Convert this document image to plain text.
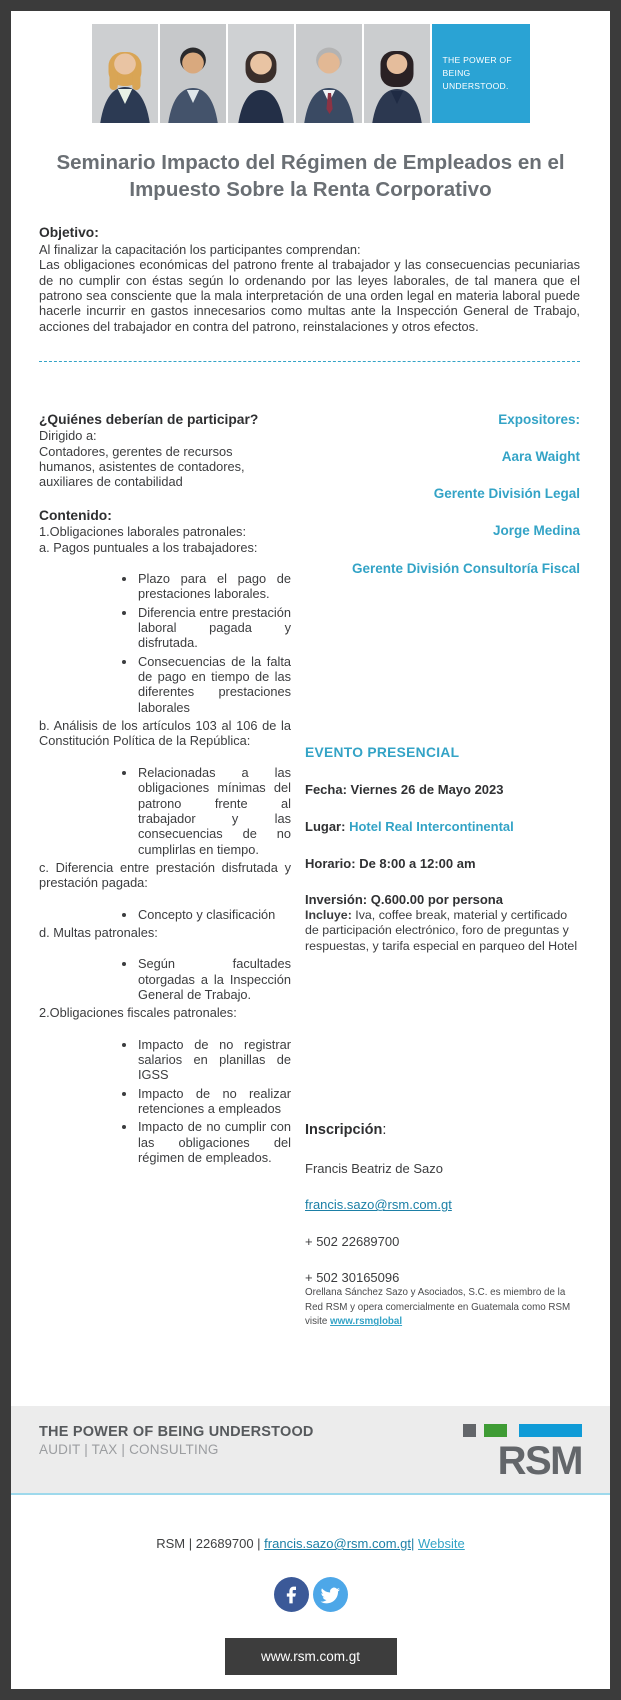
THE POWER OF
BEING UNDERSTOOD.
Seminario Impacto del Régimen de Empleados en el Impuesto Sobre la Renta Corporativo
Objetivo:

Al finalizar la capacitación los participantes comprendan:

Las obligaciones económicas del patrono frente al trabajador y las consecuencias pecuniarias de no cumplir con éstas según lo ordenando por las leyes laborales, de tal manera que el patrono sea consciente que la mala interpretación de una orden legal en materia laboral puede hacerle incurrir en gastos innecesarios como multas ante la Inspección General de Trabajo, acciones del trabajador en contra del patrono, reinstalaciones y otros efectos.

¿Quiénes deberían de participar?

Dirigido a:

Contadores, gerentes de recursos humanos, asistentes de contadores, auxiliares de contabilidad

Contenido:

1.Obligaciones laborales patronales:

a. Pagos puntuales a los trabajadores:

• Plazo para el pago de prestaciones laborales.
• Diferencia entre prestación laboral pagada y disfrutada.
• Consecuencias de la falta de pago en tiempo de las diferentes prestaciones laborales

b. Análisis de los artículos 103 al 106 de la Constitución Política de la República:

• Relacionadas a las obligaciones mínimas del patrono frente al trabajador y las consecuencias de no cumplirlas en tiempo.

c. Diferencia entre prestación disfrutada y prestación pagada:

• Concepto y clasificación

d. Multas patronales:

• Según facultades otorgadas a la Inspección General de Trabajo.

2.Obligaciones fiscales patronales:

• Impacto de no registrar salarios en planillas de IGSS
• Impacto de no realizar retenciones a empleados
• Impacto de no cumplir con las obligaciones del régimen de empleados.
Expositores:
Aara Waight
Gerente División Legal
Jorge Medina
Gerente División Consultoría Fiscal
EVENTO PRESENCIAL
Fecha: Viernes 26 de Mayo 2023
Lugar: Hotel Real Intercontinental
Horario: De 8:00 a 12:00 am
Inversión: Q.600.00 por persona

Incluye: Iva, coffee break, material y certificado de participación electrónico, foro de preguntas y respuestas, y tarifa especial en parqueo del Hotel

Inscripción:
Francis Beatriz de Sazo
francis.sazo@rsm.com.gt
+ 502 22689700
+ 502 30165096

Orellana Sánchez Sazo y Asociados, S.C. es miembro de la Red RSM y opera comercialmente en Guatemala como RSM visite www.rsmglobal

THE POWER OF BEING UNDERSTOOD
AUDIT | TAX | CONSULTING	RSM

RSM | 22689700 | francis.sazo@rsm.com.gt| Website

www.rsm.com.gt
